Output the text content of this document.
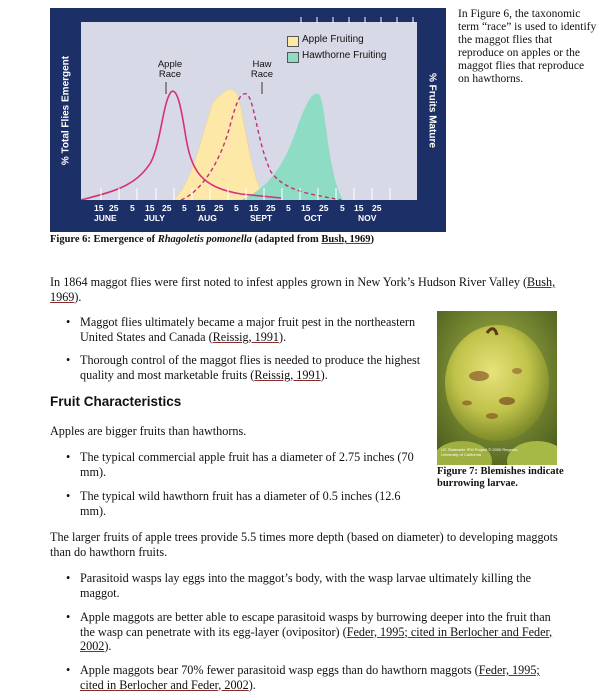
Apple Fruiting
Hawthorne Fruiting
Apple
Race
Haw
Race
% Total Flies Emergent	% Fruits Mature
15 25 5 15 25 5 15 25 5 15 25 5 15 25 5 15 25
JUNE	JULY	AUG	SEPT	OCT	NOV
Figure 6: Emergence of Rhagoletis pomonella (adapted from Bush, 1969)
In Figure 6, the taxonomic term “race” is used to identify the maggot flies that reproduce on apples or the maggot flies that reproduce on hawthorns.
In 1864 maggot flies were first noted to infest apples grown in New York’s Hudson River Valley (Bush, 1969).
• Maggot flies ultimately became a major fruit pest in the northeastern United States and Canada (Reissig, 1991).
• Thorough control of the maggot flies is needed to produce the highest quality and most marketable fruits (Reissig, 1991).
Fruit Characteristics
Apples are bigger fruits than hawthorns.
The typical commercial apple fruit has a diameter of 2.75 inches (70 mm).
•
The typical wild hawthorn fruit has a diameter of 0.5 inches (12.6 mm).
•
UC Statewide IPM Project © 2000 Regents, University of California
Figure 7: Blemishes indicate burrowing larvae.
The larger fruits of apple trees provide 5.5 times more depth (based on diameter) to developing maggots than do hawthorn fruits.
• Parasitoid wasps lay eggs into the maggot’s body, with the wasp larvae ultimately killing the maggot.
• Apple maggots are better able to escape parasitoid wasps by burrowing deeper into the fruit than the wasp can penetrate with its egg-layer (ovipositor) (Feder, 1995; cited in Berlocher and Feder, 2002).
• Apple maggots bear 70% fewer parasitoid wasp eggs than do hawthorn maggots (Feder, 1995; cited in Berlocher and Feder, 2002).
